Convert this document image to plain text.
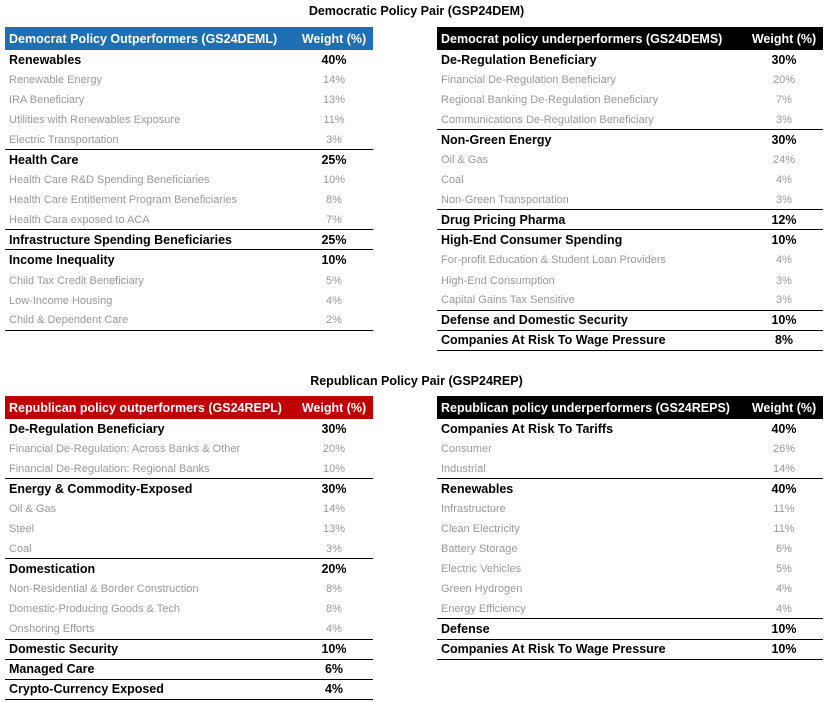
Democratic Policy Pair (GSP24DEM)
Democrat Policy Outperformers (GS24DEML)	Weight (%)
Renewables	40%
Renewable Energy	14%
IRA Beneficiary	13%
Utilities with Renewables Exposure	11%
Electric Transportation	3%
Health Care	25%
Health Care R&D Spending Beneficiaries	10%
Health Care Entitlement Program Beneficiaries	8%
Health Cara exposed to ACA	7%
Infrastructure Spending Beneficiaries	25%
Income Inequality	10%
Child Tax Credit Beneficiary	5%
Low-Income Housing	4%
Child & Dependent Care	2%
Democrat policy underperformers (GS24DEMS)	Weight (%)
De-Regulation Beneficiary	30%
Financial De-Regulation Beneficiary	20%
Regional Banking De-Regulation Beneficiary	7%
Communications De-Regulation Beneficiary	3%
Non-Green Energy	30%
Oil & Gas	24%
Coal	4%
Non-Green Transportation	3%
Drug Pricing Pharma	12%
High-End Consumer Spending	10%
For-profit Education & Student Loan Providers	4%
High-End Consumption	3%
Capital Gains Tax Sensitive	3%
Defense and Domestic Security	10%
Companies At Risk To Wage Pressure	8%
Republican Policy Pair (GSP24REP)
Republican policy outperformers (GS24REPL)	Weight (%)
De-Regulation Beneficiary	30%
Financial De-Regulation: Across Banks & Other	20%
Financial De-Regulation: Regional Banks	10%
Energy & Commodity-Exposed	30%
Oil & Gas	14%
Steel	13%
Coal	3%
Domestication	20%
Non-Residential & Border Construction	8%
Domestic-Producing Goods & Tech	8%
Onshoring Efforts	4%
Domestic Security	10%
Managed Care	6%
Crypto-Currency Exposed	4%
Republican policy underperformers (GS24REPS)	Weight (%)
Companies At Risk To Tariffs	40%
Consumer	26%
Industrial	14%
Renewables	40%
Infrastructure	11%
Clean Electricity	11%
Battery Storage	6%
Electric Vehicles	5%
Green Hydrogen	4%
Energy Efficiency	4%
Defense	10%
Companies At Risk To Wage Pressure	10%
